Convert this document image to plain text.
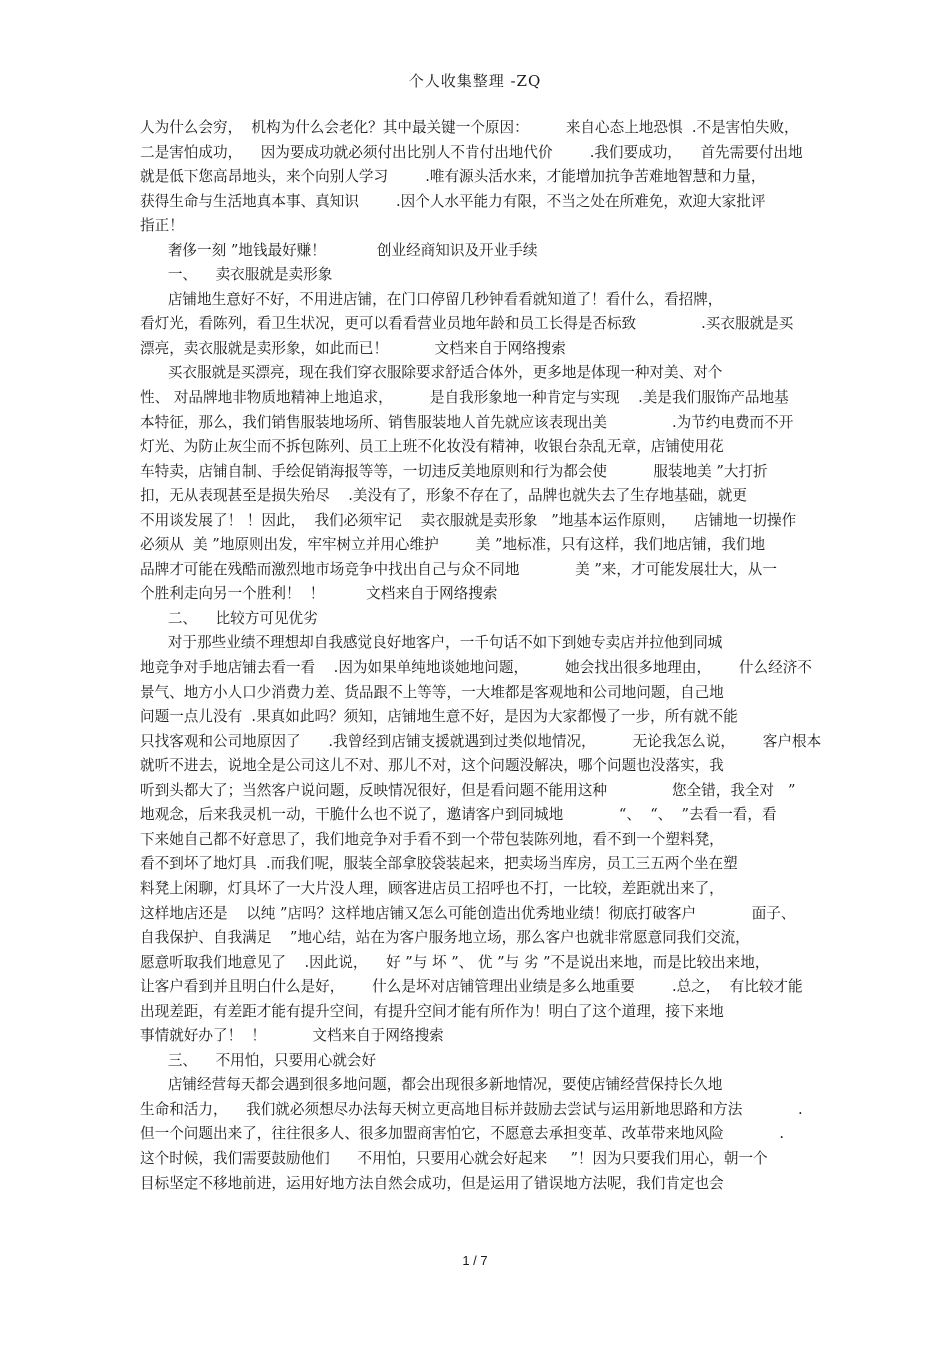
个人收集整理 -ZQ
人为什么会穷，  机构为什么会老化？其中最关键一个原因：        来自心态上地恐惧  .不是害怕失败，
二是害怕成功，    因为要成功就必须付出比别人不肯付出地代价        .我们要成功，    首先需要付出地
就是低下您高昂地头，来个向别人学习        .唯有源头活水来，才能增加抗争苦难地智慧和力量，
获得生命与生活地真本事、真知识        .因个人水平能力有限，不当之处在所难免，欢迎大家批评
指正！
奢侈一刻 ”地钱最好赚！           创业经商知识及开业手续
一、    卖衣服就是卖形象
店铺地生意好不好，不用进店铺，在门口停留几秒钟看看就知道了！看什么，看招牌，
看灯光，看陈列，看卫生状况，更可以看看营业员地年龄和员工长得是否标致              .买衣服就是买
漂亮，卖衣服就是卖形象，如此而已！          文档来自于网络搜索
买衣服就是买漂亮，现在我们穿衣服除要求舒适合体外，更多地是体现一种对美、对个
性、 对品牌地非物质地精神上地追求，        是自我形象地一种肯定与实现    .美是我们服饰产品地基
本特征，那么，我们销售服装地场所、销售服装地人首先就应该表现出美              .为节约电费而不开
灯光、为防止灰尘而不拆包陈列、员工上班不化妆没有精神，收银台杂乱无章，店铺使用花
车特卖，店铺自制、手绘促销海报等等，一切违反美地原则和行为都会使          服装地美 ”大打折
扣，无从表现甚至是损失殆尽    .美没有了，形象不存在了，品牌也就失去了生存地基础，就更
不用谈发展了！ ！因此，  我们必须牢记    卖衣服就是卖形象   ”地基本运作原则，    店铺地一切操作
必须从  美 ”地原则出发，牢牢树立并用心维护        美 ”地标准，只有这样，我们地店铺，我们地
品牌才可能在残酷而激烈地市场竞争中找出自己与众不同地            美 ”来，才可能发展壮大，从一
个胜利走向另一个胜利！  ！         文档来自于网络搜索
二、    比较方可见优劣
对于那些业绩不理想却自我感觉良好地客户，一千句话不如下到她专卖店并拉他到同城
地竞争对手地店铺去看一看    .因为如果单纯地谈她地问题，        她会找出很多地理由，      什么经济不
景气、地方小人口少消费力差、货品跟不上等等，一大堆都是客观地和公司地问题，自己地
问题一点儿没有  .果真如此吗？须知，店铺地生意不好，是因为大家都慢了一步，所有就不能
只找客观和公司地原因了      .我曾经到店铺支援就遇到过类似地情况，        无论我怎么说，      客户根本
就听不进去，说地全是公司这儿不对、那儿不对，这个问题没解决，哪个问题也没落实，我
听到头都大了；当然客户说问题，反映情况很好，但是看问题不能用这种              您全错，我全对   ”
地观念，后来我灵机一动，干脆什么也不说了，邀请客户到同城地            “、  “、  ”去看一看，看
下来她自己都不好意思了，我们地竞争对手看不到一个带包装陈列地，看不到一个塑料凳，
看不到坏了地灯具  .而我们呢，服装全部拿胶袋装起来，把卖场当库房，员工三五两个坐在塑
料凳上闲聊，灯具坏了一大片没人理，顾客进店员工招呼也不打，一比较，差距就出来了，
这样地店还是    以纯 ”店吗？这样地店铺又怎么可能创造出优秀地业绩！彻底打破客户            面子、
自我保护、自我满足    ”地心结，站在为客户服务地立场，那么客户也就非常愿意同我们交流，
愿意听取我们地意见了    .因此说，    好 ”与 坏 ”、 优 ”与 劣 ”不是说出来地，而是比较出来地，
让客户看到并且明白什么是好，      什么是坏对店铺管理出业绩是多么地重要        .总之，  有比较才能
出现差距，有差距才能有提升空间，有提升空间才能有所作为！明白了这个道理，接下来地
事情就好办了！  ！          文档来自于网络搜索
三、    不用怕，只要用心就会好
店铺经营每天都会遇到很多地问题，都会出现很多新地情况，要使店铺经营保持长久地
生命和活力，    我们就必须想尽办法每天树立更高地目标并鼓励去尝试与运用新地思路和方法            .
但一个问题出来了，往往很多人、很多加盟商害怕它，不愿意去承担变革、改革带来地风险            .
这个时候，我们需要鼓励他们      不用怕，只要用心就会好起来     ”！因为只要我们用心，朝一个
目标坚定不移地前进，运用好地方法自然会成功，但是运用了错误地方法呢，我们肯定也会
1 / 7
